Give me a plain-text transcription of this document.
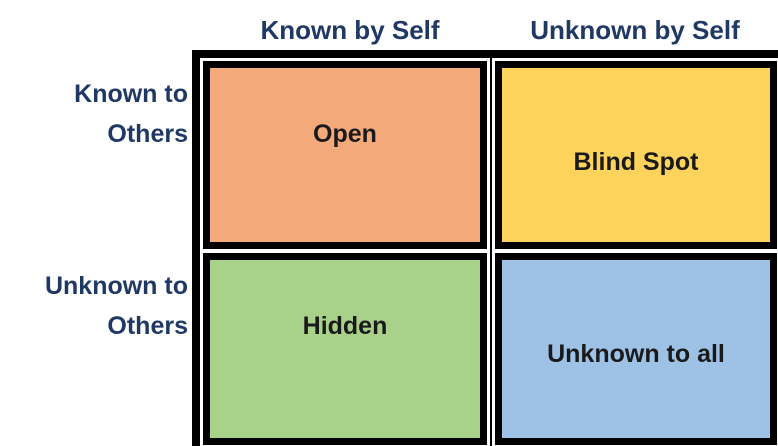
Known by Self	Unknown by Self
Known to
Others
Unknown to
Others
Open
Blind Spot
Hidden
Unknown to all
